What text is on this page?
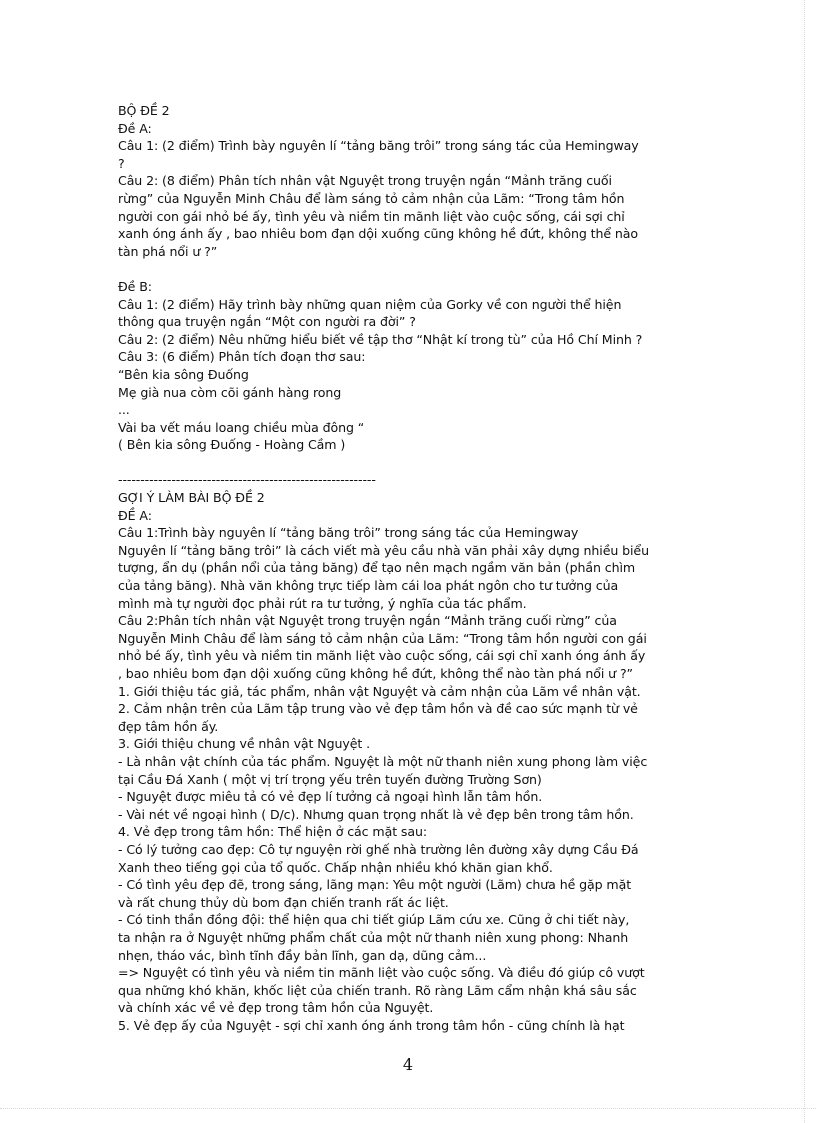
BỘ ĐỀ 2
Đề A:
Câu 1: (2 điểm) Trình bày nguyên lí “tảng băng trôi” trong sáng tác của Hemingway
?
Câu 2: (8 điểm) Phân tích nhân vật Nguyệt trong truyện ngắn “Mảnh trăng cuối
rừng” của Nguyễn Minh Châu để làm sáng tỏ cảm nhận của Lãm: “Trong tâm hồn
người con gái nhỏ bé ấy, tình yêu và niềm tin mãnh liệt vào cuộc sống, cái sợi chỉ
xanh óng ánh ấy , bao nhiêu bom đạn dội xuống cũng không hề đứt, không thể nào
tàn phá nổi ư ?”
Đề B:
Câu 1: (2 điểm) Hãy trình bày những quan niệm của Gorky về con người thể hiện
thông qua truyện ngắn “Một con người ra đời” ?
Câu 2: (2 điểm) Nêu những hiểu biết về tập thơ “Nhật kí trong tù” của Hồ Chí Minh ?
Câu 3: (6 điểm) Phân tích đoạn thơ sau:
“Bên kia sông Đuống
Mẹ già nua còm cõi gánh hàng rong
...
Vài ba vết máu loang chiều mùa đông “
( Bên kia sông Đuống - Hoàng Cầm )
----------------------------------------------------------
GỢI Ý LÀM BÀI BỘ ĐỀ 2
ĐỀ A:
Câu 1:Trình bày nguyên lí “tảng băng trôi” trong sáng tác của Hemingway
Nguyên lí “tảng băng trôi” là cách viết mà yêu cầu nhà văn phải xây dựng nhiều biểu
tượng, ẩn dụ (phần nổi của tảng băng) để tạo nên mạch ngầm văn bản (phần chìm
của tảng băng). Nhà văn không trực tiếp làm cái loa phát ngôn cho tư tưởng của
mình mà tự người đọc phải rút ra tư tưởng, ý nghĩa của tác phẩm.
Câu 2:Phân tích nhân vật Nguyệt trong truyện ngắn “Mảnh trăng cuối rừng” của
Nguyễn Minh Châu để làm sáng tỏ cảm nhận của Lãm: “Trong tâm hồn người con gái
nhỏ bé ấy, tình yêu và niềm tin mãnh liệt vào cuộc sống, cái sợi chỉ xanh óng ánh ấy
, bao nhiêu bom đạn dội xuống cũng không hề đứt, không thể nào tàn phá nổi ư ?”
1. Giới thiệu tác giả, tác phẩm, nhân vật Nguyệt và cảm nhận của Lãm về nhân vật.
2. Cảm nhận trên của Lãm tập trung vào vẻ đẹp tâm hồn và đề cao sức mạnh từ vẻ
đẹp tâm hồn ấy.
3. Giới thiệu chung về nhân vật Nguyệt .
- Là nhân vật chính của tác phẩm. Nguyệt là một nữ thanh niên xung phong làm việc
tại Cầu Đá Xanh ( một vị trí trọng yếu trên tuyến đường Trường Sơn)
- Nguyệt được miêu tả có vẻ đẹp lí tưởng cả ngoại hình lẫn tâm hồn.
- Vài nét về ngoại hình ( D/c). Nhưng quan trọng nhất là vẻ đẹp bên trong tâm hồn.
4. Vẻ đẹp trong tâm hồn: Thể hiện ở các mặt sau:
- Có lý tưởng cao đẹp: Cô tự nguyện rời ghế nhà trường lên đường xây dựng Cầu Đá
Xanh theo tiếng gọi của tổ quốc. Chấp nhận nhiều khó khăn gian khổ.
- Có tình yêu đẹp đẽ, trong sáng, lãng mạn: Yêu một người (Lãm) chưa hề gặp mặt
và rất chung thủy dù bom đạn chiến tranh rất ác liệt.
- Có tinh thần đồng đội: thể hiện qua chi tiết giúp Lãm cứu xe. Cũng ở chi tiết này,
ta nhận ra ở Nguyệt những phẩm chất của một nữ thanh niên xung phong: Nhanh
nhẹn, tháo vác, bình tĩnh đầy bản lĩnh, gan dạ, dũng cảm...
=> Nguyệt có tình yêu và niềm tin mãnh liệt vào cuộc sống. Và điều đó giúp cô vượt
qua những khó khăn, khốc liệt của chiến tranh. Rõ ràng Lãm cẩm nhận khá sâu sắc
và chính xác về vẻ đẹp trong tâm hồn của Nguyệt.
5. Vẻ đẹp ấy của Nguyệt - sợi chỉ xanh óng ánh trong tâm hồn - cũng chính là hạt
4
